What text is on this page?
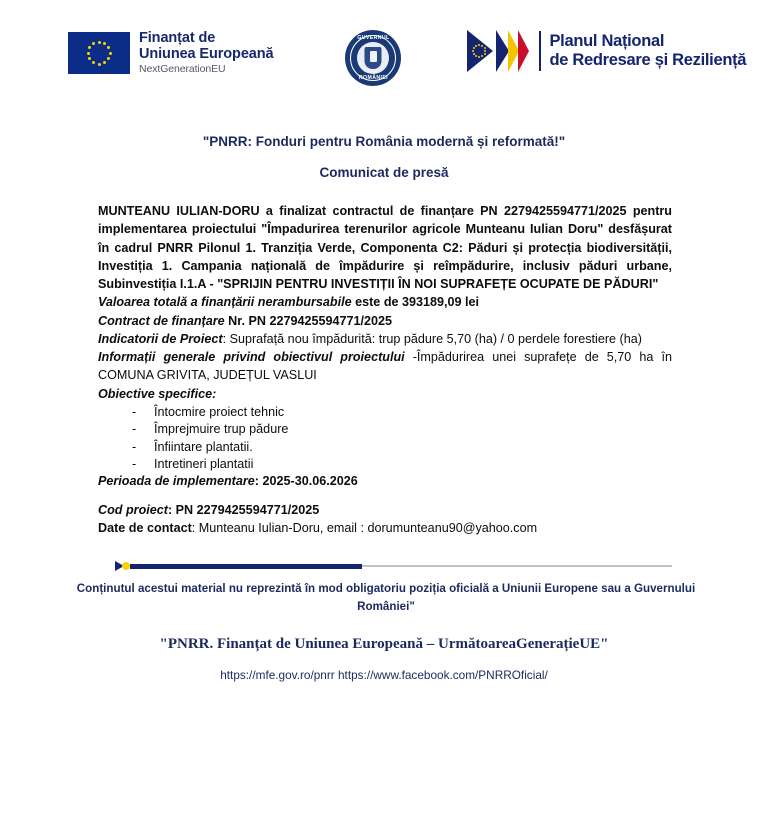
Finanțat de
Uniunea Europeană
NextGenerationEU
GUVERNUL
ROMÂNIEI
Planul Național
de Redresare și Reziliență
"PNRR: Fonduri pentru România modernă și reformată!"
Comunicat de presă

MUNTEANU IULIAN-DORU a finalizat contractul de finanțare PN 2279425594771/2025 pentru implementarea proiectului "Împadurirea terenurilor agricole Munteanu Iulian Doru" desfășurat în cadrul PNRR Pilonul 1. Tranziția Verde, Componenta C2: Păduri și protecția biodiversității, Investiția 1. Campania națională de împădurire și reîmpădurire, inclusiv păduri urbane, Subinvestiția I.1.A - "SPRIJIN PENTRU INVESTIȚII ÎN NOI SUPRAFEȚE OCUPATE DE PĂDURI"

Valoarea totală a finanțării nerambursabile este de 393189,09 lei

Contract de finanțare Nr. PN 2279425594771/2025

Indicatorii de Proiect: Suprafață nou împădurită: trup pădure 5,70 (ha) / 0 perdele forestiere (ha)

Informații generale privind obiectivul proiectului -Împădurirea unei suprafețe de 5,70 ha în COMUNA GRIVITA, JUDEȚUL VASLUI

Obiective specifice:

- Întocmire proiect tehnic
- Împrejmuire trup pădure
- Înfiintare plantatii.
- Intretineri plantatii

Perioada de implementare: 2025-30.06.2026

Cod proiect: PN 2279425594771/2025

Date de contact: Munteanu Iulian-Doru, email : dorumunteanu90@yahoo.com

Conținutul acestui material nu reprezintă în mod obligatoriu poziția oficială a Uniunii Europene sau a Guvernului României"
"PNRR. Finanțat de Uniunea Europeană – UrmătoareaGenerațieUE"
https://mfe.gov.ro/pnrr https://www.facebook.com/PNRROficial/
